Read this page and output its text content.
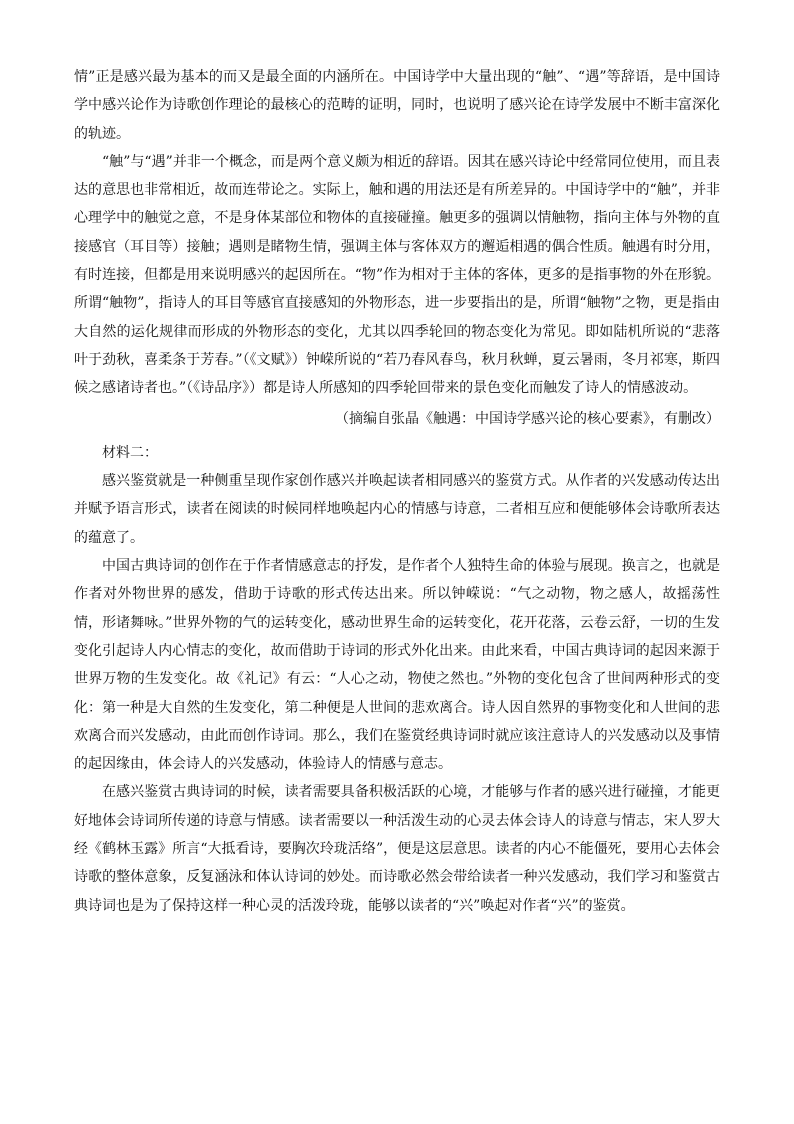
情”正是感兴最为基本的而又是最全面的内涵所在。中国诗学中大量出现的“触”、“遇”等辞语，是中国诗学中感兴论作为诗歌创作理论的最核心的范畴的证明，同时，也说明了感兴论在诗学发展中不断丰富深化的轨迹。

“触”与“遇”并非一个概念，而是两个意义颇为相近的辞语。因其在感兴诗论中经常同位使用，而且表达的意思也非常相近，故而连带论之。实际上，触和遇的用法还是有所差异的。中国诗学中的“触”，并非心理学中的触觉之意，不是身体某部位和物体的直接碰撞。触更多的强调以情触物，指向主体与外物的直接感官（耳目等）接触；遇则是睹物生情，强调主体与客体双方的邂逅相遇的偶合性质。触遇有时分用，有时连接，但都是用来说明感兴的起因所在。“物”作为相对于主体的客体，更多的是指事物的外在形貌。所谓“触物”，指诗人的耳目等感官直接感知的外物形态，进一步要指出的是，所谓“触物”之物，更是指由大自然的运化规律而形成的外物形态的变化，尤其以四季轮回的物态变化为常见。即如陆机所说的“悲落叶于劲秋，喜柔条于芳春。”（《文赋》）钟嵘所说的“若乃春风春鸟，秋月秋蝉，夏云暑雨，冬月祁寒，斯四候之感诸诗者也。”（《诗品序》）都是诗人所感知的四季轮回带来的景色变化而触发了诗人的情感波动。

（摘编自张晶《触遇：中国诗学感兴论的核心要素》，有删改）

材料二：

感兴鉴赏就是一种侧重呈现作家创作感兴并唤起读者相同感兴的鉴赏方式。从作者的兴发感动传达出并赋予语言形式，读者在阅读的时候同样地唤起内心的情感与诗意，二者相互应和便能够体会诗歌所表达的蕴意了。

中国古典诗词的创作在于作者情感意志的抒发，是作者个人独特生命的体验与展现。换言之，也就是作者对外物世界的感发，借助于诗歌的形式传达出来。所以钟嵘说：“气之动物，物之感人，故摇荡性情，形诸舞咏。”世界外物的气的运转变化，感动世界生命的运转变化，花开花落，云卷云舒，一切的生发变化引起诗人内心情志的变化，故而借助于诗词的形式外化出来。由此来看，中国古典诗词的起因来源于世界万物的生发变化。故《礼记》有云：“人心之动，物使之然也。”外物的变化包含了世间两种形式的变化：第一种是大自然的生发变化，第二种便是人世间的悲欢离合。诗人因自然界的事物变化和人世间的悲欢离合而兴发感动，由此而创作诗词。那么，我们在鉴赏经典诗词时就应该注意诗人的兴发感动以及事情的起因缘由，体会诗人的兴发感动，体验诗人的情感与意志。

在感兴鉴赏古典诗词的时候，读者需要具备积极活跃的心境，才能够与作者的感兴进行碰撞，才能更好地体会诗词所传递的诗意与情感。读者需要以一种活泼生动的心灵去体会诗人的诗意与情志，宋人罗大经《鹤林玉露》所言“大抵看诗，要胸次玲珑活络”，便是这层意思。读者的内心不能僵死，要用心去体会诗歌的整体意象，反复涵泳和体认诗词的妙处。而诗歌必然会带给读者一种兴发感动，我们学习和鉴赏古典诗词也是为了保持这样一种心灵的活泼玲珑，能够以读者的“兴”唤起对作者“兴”的鉴赏。
